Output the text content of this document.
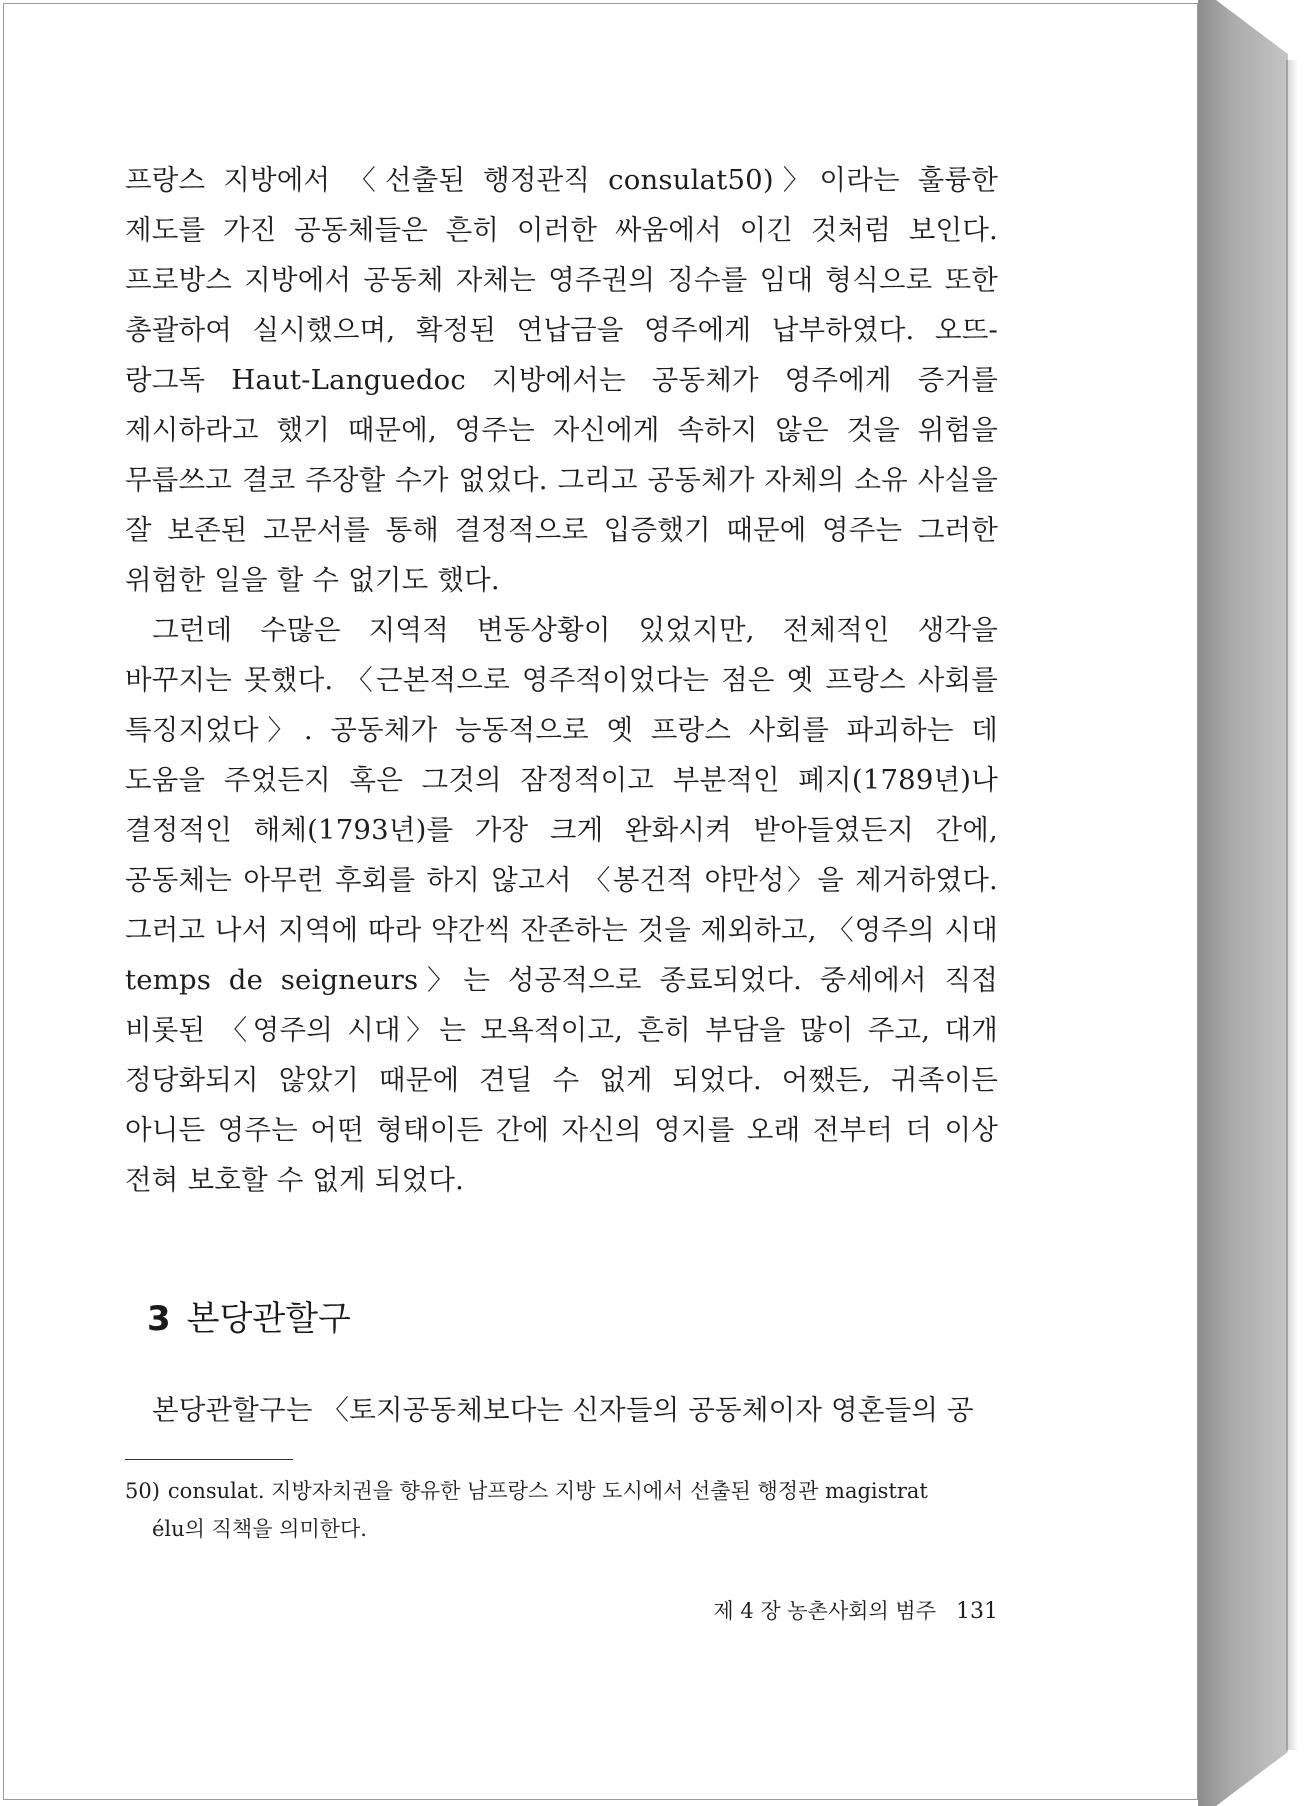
프랑스 지방에서 〈선출된 행정관직 consulat50)〉이라는 훌륭한 제도를 가진 공동체들은 흔히 이러한 싸움에서 이긴 것처럼 보인다. 프로방스 지방에서 공동체 자체는 영주권의 징수를 임대 형식으로 또한 총괄하여 실시했으며, 확정된 연납금을 영주에게 납부하였다. 오뜨-랑그독 Haut-Languedoc 지방에서는 공동체가 영주에게 증거를 제시하라고 했기 때문에, 영주는 자신에게 속하지 않은 것을 위험을 무릅쓰고 결코 주장할 수가 없었다. 그리고 공동체가 자체의 소유 사실을 잘 보존된 고문서를 통해 결정적으로 입증했기 때문에 영주는 그러한 위험한 일을 할 수 없기도 했다.

그런데 수많은 지역적 변동상황이 있었지만, 전체적인 생각을 바꾸지는 못했다. 〈근본적으로 영주적이었다는 점은 옛 프랑스 사회를 특징지었다〉. 공동체가 능동적으로 옛 프랑스 사회를 파괴하는 데 도움을 주었든지 혹은 그것의 잠정적이고 부분적인 폐지(1789년)나 결정적인 해체(1793년)를 가장 크게 완화시켜 받아들였든지 간에, 공동체는 아무런 후회를 하지 않고서 〈봉건적 야만성〉을 제거하였다. 그러고 나서 지역에 따라 약간씩 잔존하는 것을 제외하고, 〈영주의 시대 temps de seigneurs〉는 성공적으로 종료되었다. 중세에서 직접 비롯된 〈영주의 시대〉는 모욕적이고, 흔히 부담을 많이 주고, 대개 정당화되지 않았기 때문에 견딜 수 없게 되었다. 어쨌든, 귀족이든 아니든 영주는 어떤 형태이든 간에 자신의 영지를 오래 전부터 더 이상 전혀 보호할 수 없게 되었다.

3 본당관할구

본당관할구는 〈토지공동체보다는 신자들의 공동체이자 영혼들의 공

50) consulat. 지방자치권을 향유한 남프랑스 지방 도시에서 선출된 행정관 magistrat
élu의 직책을 의미한다.
제 4 장 농촌사회의 범주 131
